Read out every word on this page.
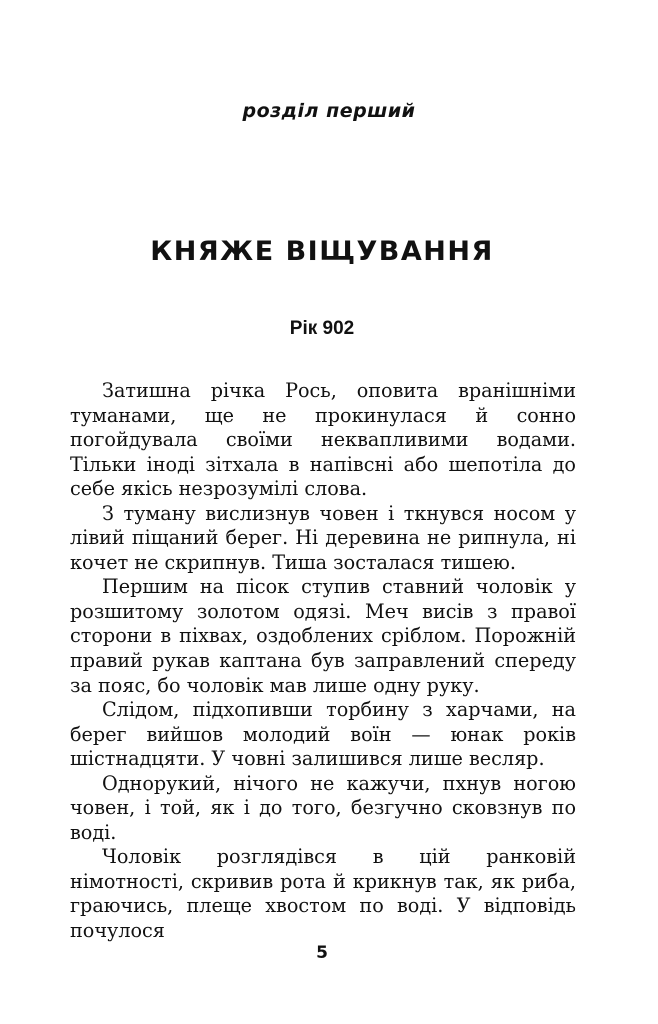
розділ перший
КНЯЖЕ ВІЩУВАННЯ
Рік 902

Затишна річка Рось, оповита вранішніми туманами, ще не прокинулася й сонно погойдувала своїми неквапливими водами. Тільки іноді зітхала в напівсні або шепотіла до себе якісь незрозумілі слова.

З туману вислизнув човен і ткнувся носом у лівий піщаний берег. Ні деревина не рипнула, ні кочет не скрипнув. Тиша зосталася тишею.

Першим на пісок ступив ставний чоловік у розшитому золотом одязі. Меч висів з правої сторони в піхвах, оздоблених сріблом. Порожній правий рукав каптана був заправлений спереду за пояс, бо чоловік мав лише одну руку.

Слідом, підхопивши торбину з харчами, на берег вийшов молодий воїн — юнак років шістнадцяти. У човні залишився лише весляр.

Однорукий, нічого не кажучи, пхнув ногою човен, і той, як і до того, безгучно сковзнув по воді.

Чоловік розглядівся в цій ранковій німотності, скривив рота й крикнув так, як риба, граючись, плеще хвостом по воді. У відповідь почулося

5
